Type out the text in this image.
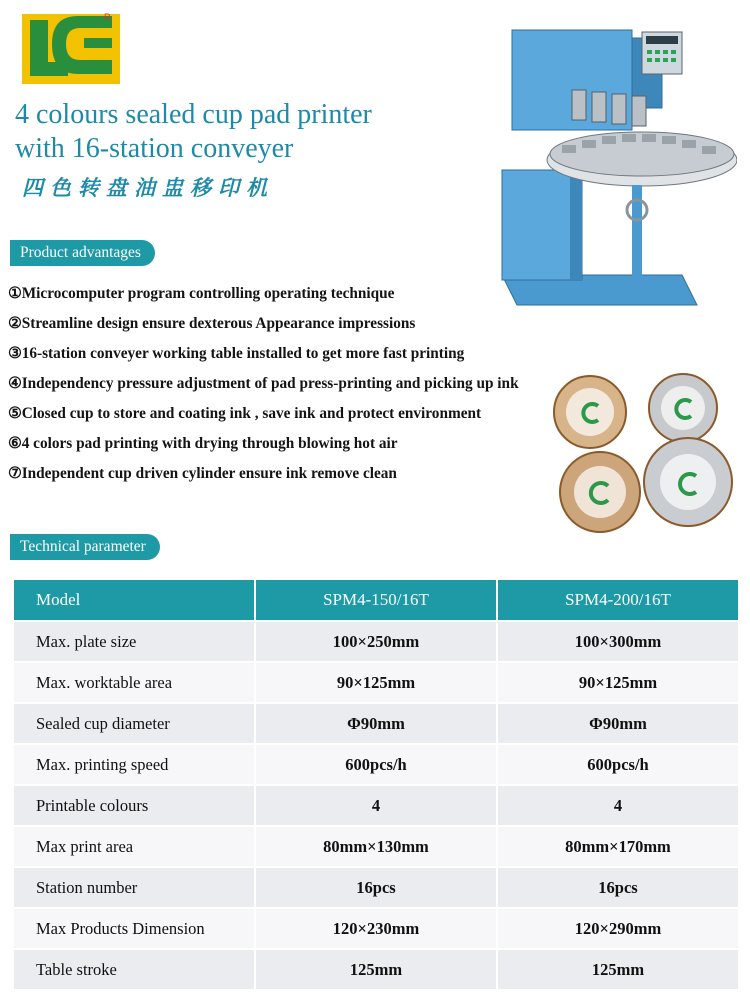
R
4 colours sealed cup pad printer
with 16-station conveyer
四色转盘油盅移印机
Product advantages
①Microcomputer program controlling operating technique
②Streamline design ensure dexterous Appearance impressions
③16-station conveyer working table installed to get more fast printing
④Independency pressure adjustment of pad press-printing and picking up ink
⑤Closed cup to store and coating ink , save ink and protect environment
⑥4 colors pad printing with drying through blowing hot air
⑦Independent cup driven cylinder ensure ink remove clean
Technical parameter
Model	SPM4-150/16T	SPM4-200/16T
Max. plate size	100×250mm	100×300mm
Max. worktable area	90×125mm	90×125mm
Sealed cup diameter	Φ90mm	Φ90mm
Max. printing speed	600pcs/h	600pcs/h
Printable colours	4	4
Max print area	80mm×130mm	80mm×170mm
Station number	16pcs	16pcs
Max Products Dimension	120×230mm	120×290mm
Table stroke	125mm	125mm
